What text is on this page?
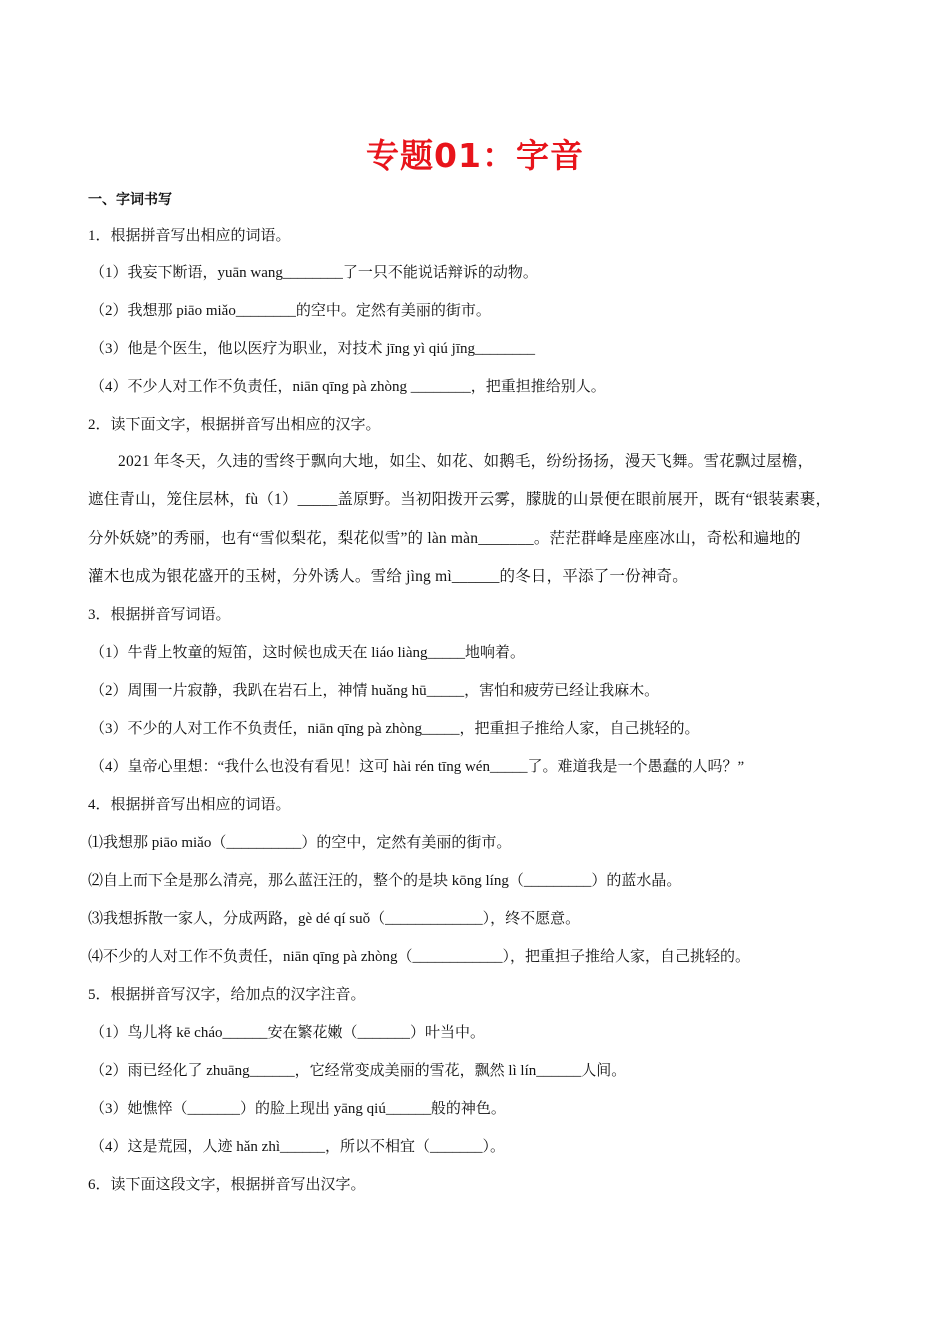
专题01：字音
一、字词书写
1．根据拼音写出相应的词语。
（1）我妄下断语，yuān wang________了一只不能说话辩诉的动物。
（2）我想那 piāo miǎo________的空中。定然有美丽的街市。
（3）他是个医生，他以医疗为职业，对技术 jīng yì qiú jīng________
（4）不少人对工作不负责任，niān qīng pà zhòng ________，把重担推给别人。
2．读下面文字，根据拼音写出相应的汉字。
2021 年冬天，久违的雪终于飘向大地，如尘、如花、如鹅毛，纷纷扬扬，漫天飞舞。雪花飘过屋檐，
遮住青山，笼住层林，fù（1）_____盖原野。当初阳拨开云雾，朦胧的山景便在眼前展开，既有“银装素裹，
分外妖娆”的秀丽，也有“雪似梨花，梨花似雪”的 làn màn_______。茫茫群峰是座座冰山，奇松和遍地的
灌木也成为银花盛开的玉树，分外诱人。雪给 jìng mì______的冬日，平添了一份神奇。
3．根据拼音写词语。
（1）牛背上牧童的短笛，这时候也成天在 liáo liàng_____地响着。
（2）周围一片寂静，我趴在岩石上，神情 huǎng hū_____，害怕和疲劳已经让我麻木。
（3）不少的人对工作不负责任，niān qīng pà zhòng_____，把重担子推给人家，自己挑轻的。
（4）皇帝心里想：“我什么也没有看见！这可 hài rén tīng wén_____了。难道我是一个愚蠢的人吗？”
4．根据拼音写出相应的词语。
⑴我想那 piāo miǎo（__________）的空中，定然有美丽的街市。
⑵自上而下全是那么清亮，那么蓝汪汪的，整个的是块 kōng líng（_________）的蓝水晶。
⑶我想拆散一家人，分成两路，gè dé qí suǒ（_____________），终不愿意。
⑷不少的人对工作不负责任，niān qīng pà zhòng（____________），把重担子推给人家，自己挑轻的。
5．根据拼音写汉字，给加点的汉字注音。
（1）鸟儿将 kē cháo______安在繁花嫩（_______）叶当中。
（2）雨已经化了 zhuāng______，它经常变成美丽的雪花，飘然 lì lín______人间。
（3）她憔悴（_______）的脸上现出 yāng qiú______般的神色。
（4）这是荒园，人迹 hǎn zhì______，所以不相宜（_______）。
6．读下面这段文字，根据拼音写出汉字。
